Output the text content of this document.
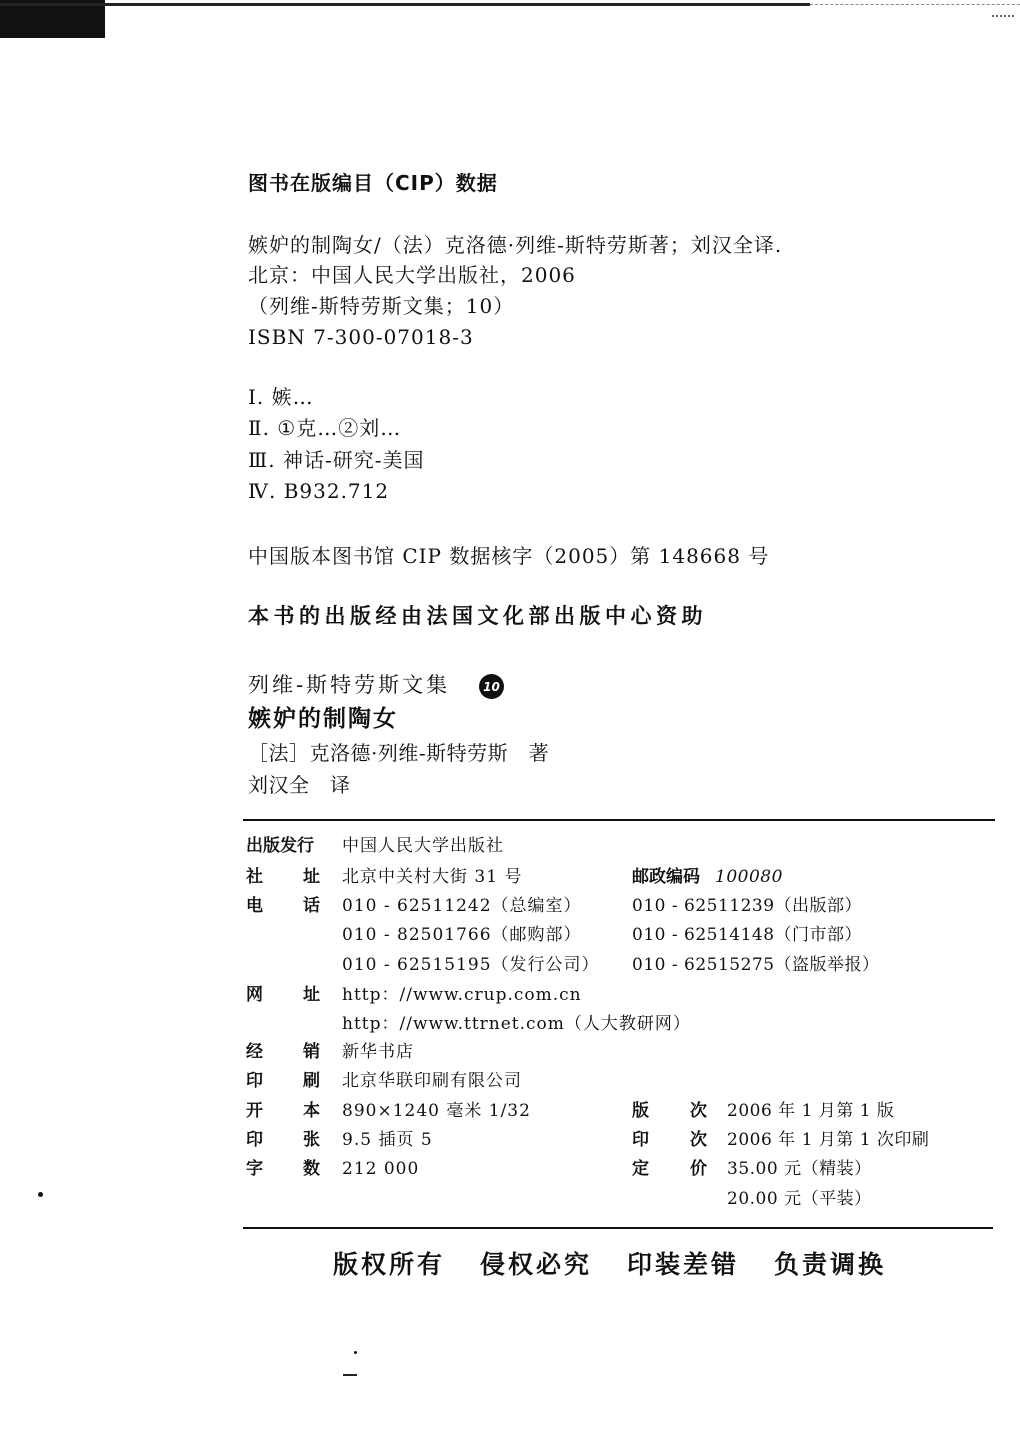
图书在版编目（CIP）数据
嫉妒的制陶女/（法）克洛德·列维-斯特劳斯著；刘汉全译.
北京：中国人民大学出版社，2006
（列维-斯特劳斯文集；10）
ISBN 7-300-07018-3
Ⅰ. 嫉…
Ⅱ. ①克…②刘…
Ⅲ. 神话-研究-美国
Ⅳ. B932.712
中国版本图书馆 CIP 数据核字（2005）第 148668 号
本书的出版经由法国文化部出版中心资助
列维-斯特劳斯文集	10
嫉妒的制陶女
［法］克洛德·列维-斯特劳斯　著
刘汉全　译
出版发行 中国人民大学出版社
社　址 北京中关村大街 31 号	邮政编码 100080
电　话 010 - 62511242（总编室）	010 - 62511239（出版部）
010 - 82501766（邮购部）	010 - 62514148（门市部）
010 - 62515195（发行公司） 010 - 62515275（盗版举报）
网　址 http：//www.crup.com.cn
http：//www.ttrnet.com（人大教研网）
经　销 新华书店
印　刷 北京华联印刷有限公司
开　本 890×1240 毫米 1/32	版　次 2006 年 1 月第 1 版
印　张 9.5 插页 5	印　次 2006 年 1 月第 1 次印刷
字　数 212 000	定　价 35.00 元（精装）
20.00 元（平装）
版权所有 侵权必究 印装差错 负责调换
